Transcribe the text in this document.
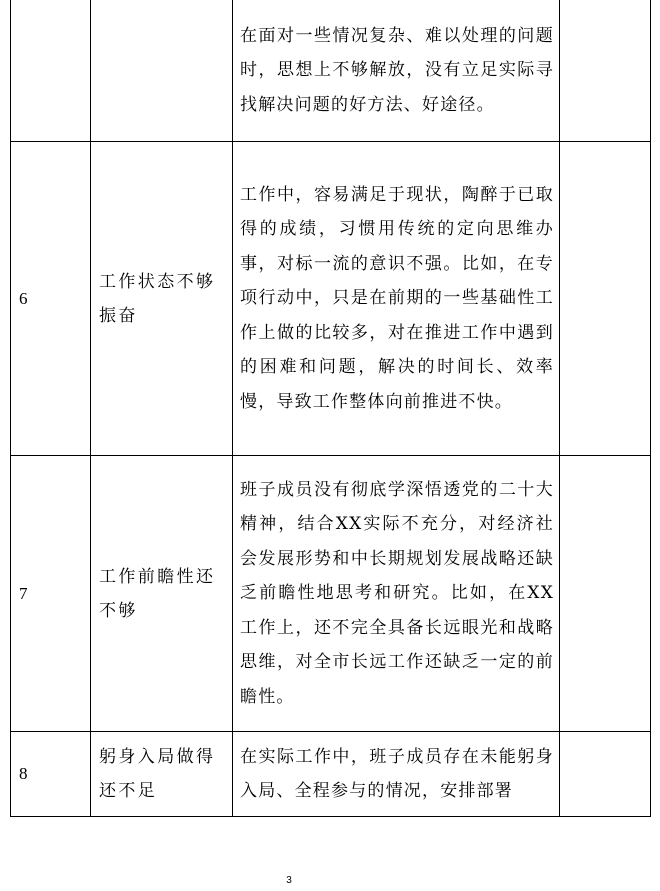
		在面对一些情况复杂、难以处理的问题时，思想上不够解放，没有立足实际寻找解决问题的好方法、好途径。	

6	工作状态不够振奋	工作中，容易满足于现状，陶醉于已取得的成绩，习惯用传统的定向思维办事，对标一流的意识不强。比如，在专项行动中，只是在前期的一些基础性工作上做的比较多，对在推进工作中遇到的困难和问题，解决的时间长、效率慢，导致工作整体向前推进不快。	

7	工作前瞻性还不够	班子成员没有彻底学深悟透党的二十大精神，结合XX实际不充分，对经济社会发展形势和中长期规划发展战略还缺乏前瞻性地思考和研究。比如，在XX工作上，还不完全具备长远眼光和战略思维，对全市长远工作还缺乏一定的前瞻性。	

8	躬身入局做得还不足	在实际工作中，班子成员存在未能躬身入局、全程参与的情况，安排部署	

3
